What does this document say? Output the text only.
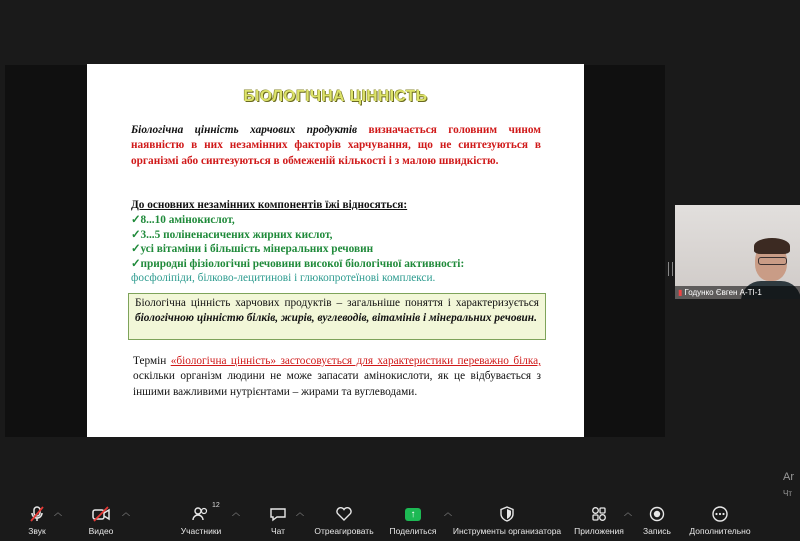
БІОЛОГІЧНА ЦІННІСТЬ
Біологічна цінність харчових продуктів визначається головним чином наявністю в них незамінних факторів харчування, що не синтезуються в організмі або синтезуються в обмеженій кількості і з малою швидкістю.
До основних незамінних компонентів їжі відносяться:
✓8...10 амінокислот,
✓3...5 поліненасичених жирних кислот,
✓усі вітаміни і більшість мінеральних речовин
✓природні фізіологічні речовини високої біологічної активності:
фосфоліпіди, білково-лецитинові і глюкопротеїнові комплекси.
Біологічна цінність харчових продуктів – загальніше поняття і характеризується біологічною цінністю білків, жирів, вуглеводів, вітамінів і мінеральних речовин.
Термін «біологічна цінність» застосовується для характеристики переважно білка, оскільки організм людини не може запасати амінокислоти, як це відбувається з іншими важливими нутрієнтами – жирами та вуглеводами.
▮ Годунко Євген А-ТІ-1
Ar
Чт
Звук
︿
Видео
︿
12
Участники
︿
Чат
︿
Отреагировать
↑
Поделиться
︿
Инструменты организатора	Приложения
︿
Запись	Дополнительно
